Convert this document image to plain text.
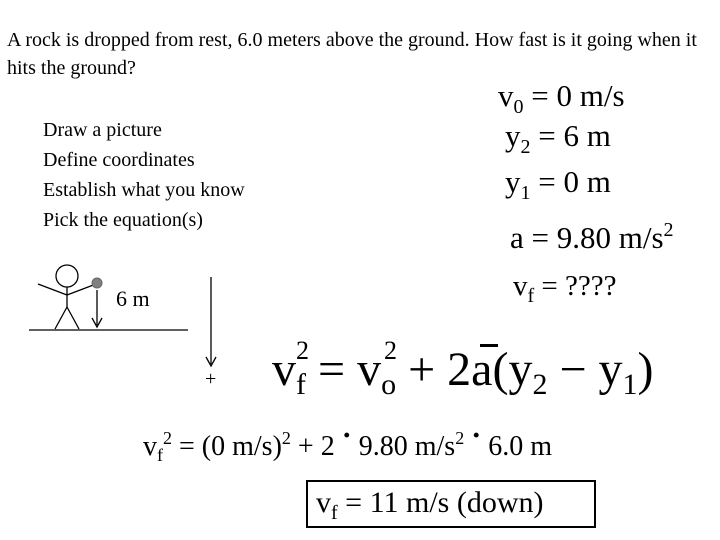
A rock is dropped from rest, 6.0 meters above the ground. How fast is it going when it hits the ground?
Draw a picture
Define coordinates
Establish what you know
Pick the equation(s)
$v_0 = 0$ m/s
$y_2 = 6$ m
$y_1 = 0$ m
a = 9.80 $m/s^2$
$v_f$ = ????
6 m
+
2	2
$v_f = v_o + 2a(y_2 - y_1)$
$v_f^2 = (0$ m/s)$^2$ + 2 · 9.80 $m/s^2 \cdot 6.0$ m
$v_f = 11$ m/s (down)
